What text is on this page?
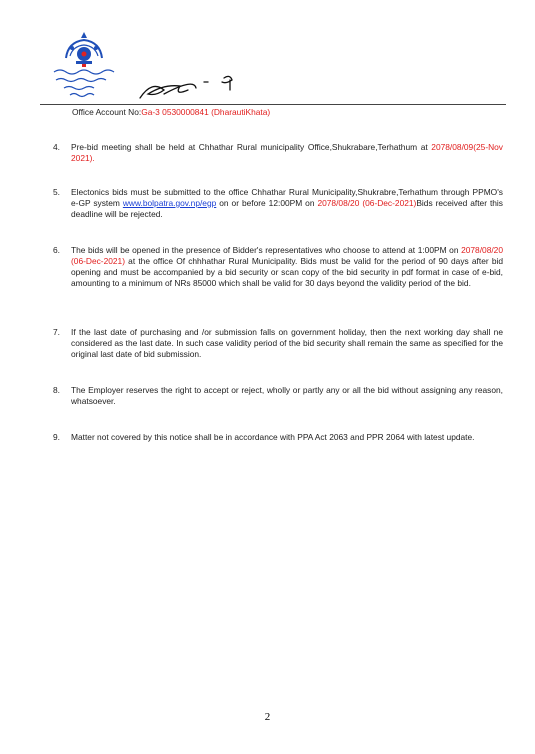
Office Account No:Ga-3 0530000841 (DharautiKhata)
4.	Pre-bid meeting shall be held at Chhathar Rural municipality Office,Shukrabare,Terhathum at 2078/08/09(25-Nov 2021).
5.	Electonics bids must be submitted to the office Chhathar Rural Municipality,Shukrabre,Terhathum through PPMO's e-GP system www.bolpatra.gov.np/egp on or before 12:00PM on 2078/08/20 (06-Dec-2021)Bids received after this deadline will be rejected.
6.	The bids will be opened in the presence of Bidder's representatives who choose to attend at 1:00PM on 2078/08/20 (06-Dec-2021) at the office Of chhhathar Rural Municipality. Bids must be valid for the period of 90 days after bid opening and must be accompanied by a bid security or scan copy of the bid security in pdf format in case of e-bid, amounting to a minimum of NRs 85000 which shall be valid for 30 days beyond the validity period of the bid.
7.	If the last date of purchasing and /or submission falls on government holiday, then the next working day shall ne considered as the last date. In such case validity period of the bid security shall remain the same as specified for the original last date of bid submission.
8.	The Employer reserves the right to accept or reject, wholly or partly any or all the bid without assigning any reason, whatsoever.
9.	Matter not covered by this notice shall be in accordance with PPA Act 2063 and PPR 2064 with latest update.
2
